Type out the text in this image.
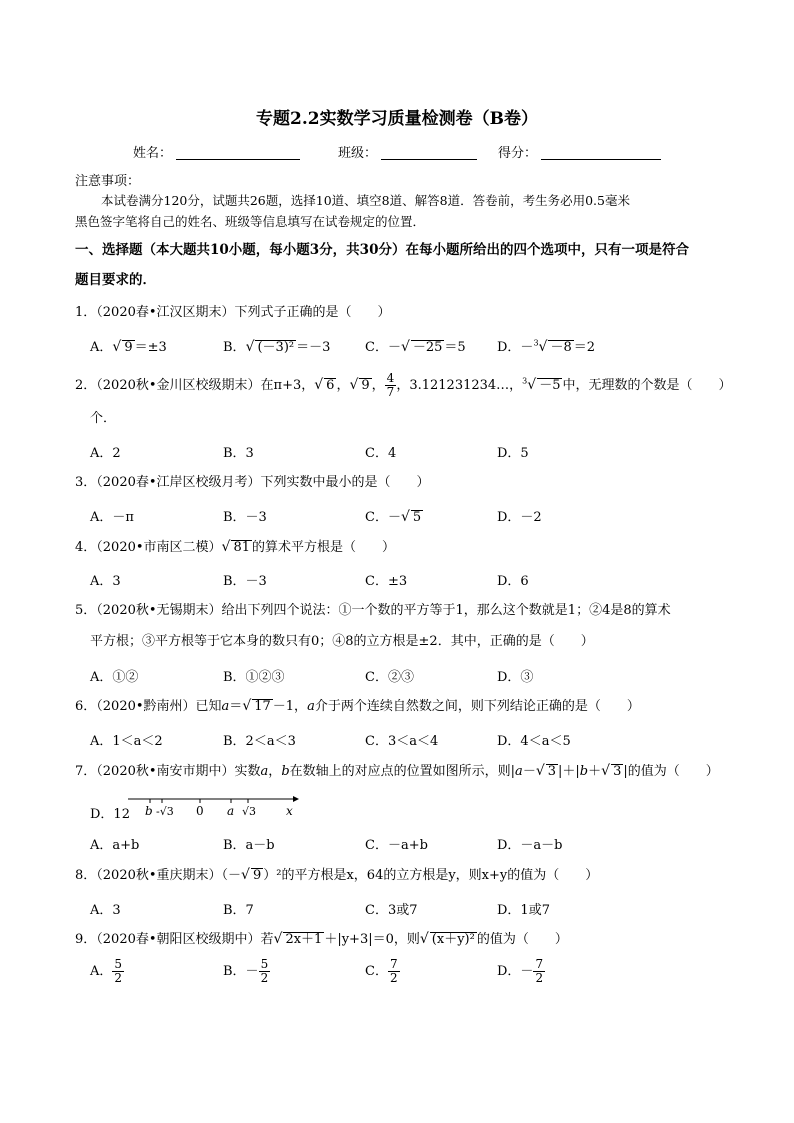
专题2.2实数学习质量检测卷（B卷）
姓名：	班级：	得分：
注意事项：
本试卷满分120分，试题共26题，选择10道、填空8道、解答8道．答卷前，考生务必用0.5毫米
黑色签字笔将自己的姓名、班级等信息填写在试卷规定的位置．
一、选择题（本大题共10小题，每小题3分，共30分）在每小题所给出的四个选项中，只有一项是符合
题目要求的．
1．（2020春•江汉区期末）下列式子正确的是（　　）
A．√ 9 ＝±3	B．√ (－3)² ＝－3	C．－√ －25 ＝5 D．－$^3$√ －8 ＝2
2．（2020秋•金川区校级期末）在π+3，√ 6 ，√ 9 ， $\frac{4}{7}$ ，3.121231234…，$^3$√ －5 中，无理数的个数是（　　）
个．
A．2	B．3	C．4	D．5
3．（2020春•江岸区校级月考）下列实数中最小的是（　　）
A．－π	B．－3	C．－√ 5	D．－2
4．（2020•市南区二模）√ 81 的算术平方根是（　　）
A．3	B．－3	C．±3	D．6
5．（2020秋•无锡期末）给出下列四个说法：①一个数的平方等于1，那么这个数就是1；②4是8的算术
平方根；③平方根等于它本身的数只有0；④8的立方根是±2．其中，正确的是（　　）
A．①②	B．①②③	C．②③	D．③
6．（2020•黔南州）已知a＝√ 17 －1，a介于两个连续自然数之间，则下列结论正确的是（　　）
A．1＜a＜2	B．2＜a＜3	C．3＜a＜4	D．4＜a＜5
7．（2020秋•南安市期中）实数a，b在数轴上的对应点的位置如图所示，则|a－√ 3 |＋|b＋√ 3 |的值为（　　）
D．12 b -√3 0 a √3 x
A．a+b	B．a－b	C．－a+b	D．－a－b
8．（2020秋•重庆期末）（－√ 9 ）²的平方根是x，64的立方根是y，则x+y的值为（　　）
A．3	B．7	C．3或7	D．1或7
9．（2020春•朝阳区校级期中）若√ 2x＋1 ＋|y+3|＝0，则√ (x＋y)² 的值为（　　）
A． $\frac{5}{2}$	B．－ $\frac{5}{2}$	C． $\frac{7}{2}$	D．－ $\frac{7}{2}$
